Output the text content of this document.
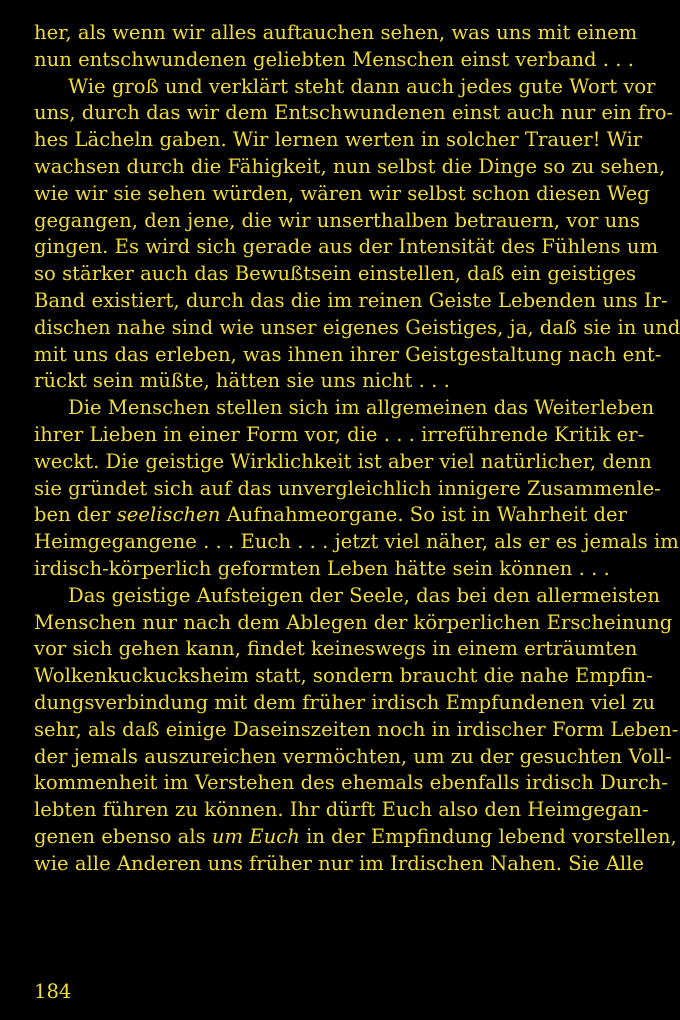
her, als wenn wir alles auftauchen sehen, was uns mit einem
nun entschwundenen geliebten Menschen einst verband . . .
Wie groß und verklärt steht dann auch jedes gute Wort vor
uns, durch das wir dem Entschwundenen einst auch nur ein fro-
hes Lächeln gaben. Wir lernen werten in solcher Trauer! Wir
wachsen durch die Fähigkeit, nun selbst die Dinge so zu sehen,
wie wir sie sehen würden, wären wir selbst schon diesen Weg
gegangen, den jene, die wir unserthalben betrauern, vor uns
gingen. Es wird sich gerade aus der Intensität des Fühlens um
so stärker auch das Bewußtsein einstellen, daß ein geistiges
Band existiert, durch das die im reinen Geiste Lebenden uns Ir-
dischen nahe sind wie unser eigenes Geistiges, ja, daß sie in und
mit uns das erleben, was ihnen ihrer Geistgestaltung nach ent-
rückt sein müßte, hätten sie uns nicht . . .
Die Menschen stellen sich im allgemeinen das Weiterleben
ihrer Lieben in einer Form vor, die . . . irreführende Kritik er-
weckt. Die geistige Wirklichkeit ist aber viel natürlicher, denn
sie gründet sich auf das unvergleichlich innigere Zusammenle-
ben der seelischen Aufnahmeorgane. So ist in Wahrheit der
Heimgegangene . . . Euch . . . jetzt viel näher, als er es jemals im
irdisch-körperlich geformten Leben hätte sein können . . .
Das geistige Aufsteigen der Seele, das bei den allermeisten
Menschen nur nach dem Ablegen der körperlichen Erscheinung
vor sich gehen kann, findet keineswegs in einem erträumten
Wolkenkuckucksheim statt, sondern braucht die nahe Empfin-
dungsverbindung mit dem früher irdisch Empfundenen viel zu
sehr, als daß einige Daseinszeiten noch in irdischer Form Leben-
der jemals auszureichen vermöchten, um zu der gesuchten Voll-
kommenheit im Verstehen des ehemals ebenfalls irdisch Durch-
lebten führen zu können. Ihr dürft Euch also den Heimgegan-
genen ebenso als um Euch in der Empfindung lebend vorstellen,
wie alle Anderen uns früher nur im Irdischen Nahen. Sie Alle
184
